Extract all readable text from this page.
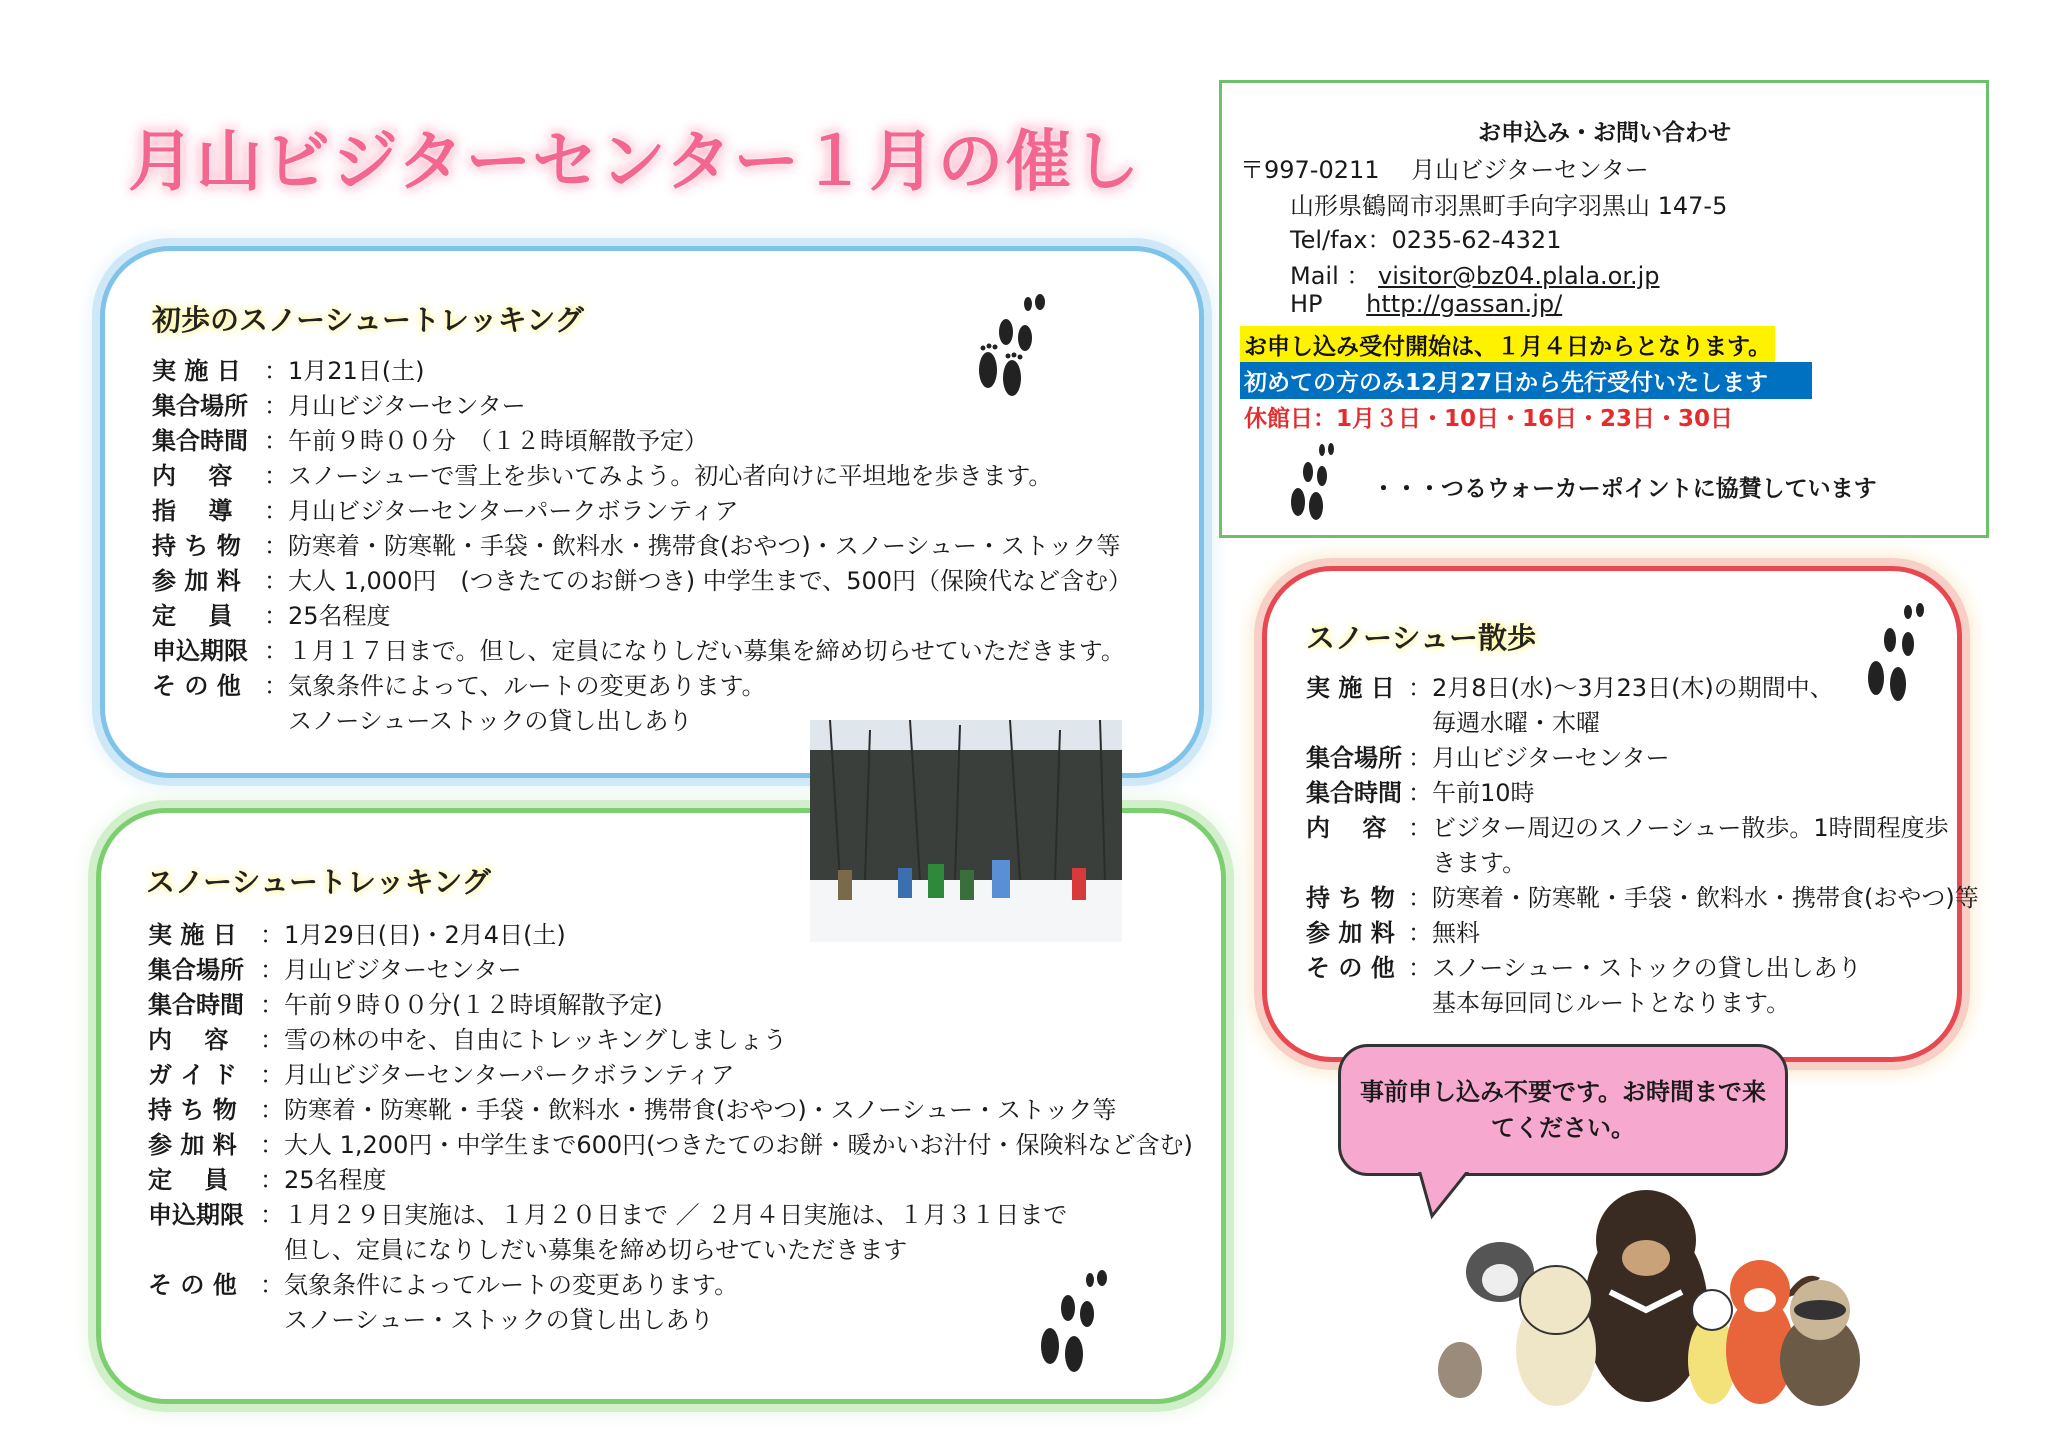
月山ビジターセンター１月の催し
初歩のスノーシュートレッキング
実 施 日 ：1月21日(土)
集合場所 ：月山ビジターセンター
集合時間 ：午前９時００分　（１２時頃解散予定）
内　 容	：スノーシューで雪上を歩いてみよう。初心者向けに平坦地を歩きます。
指　 導	：月山ビジターセンターパークボランティア
持 ち 物 ：防寒着・防寒靴・手袋・飲料水・携帯食(おやつ)・スノーシュー・ストック等
参 加 料 ：大人 1,000円　(つきたてのお餅つき) 中学生まで、500円（保険代など含む）
定　 員	：25名程度
申込期限 ：１月１７日まで。但し、定員になりしだい募集を締め切らせていただきます。
そ の 他 ：気象条件によって、ルートの変更あります。
　スノーシューストックの貸し出しあり
スノーシュートレッキング
実 施 日 ：1月29日(日)・2月4日(土)
集合場所 ：月山ビジターセンター
集合時間 ：午前９時００分(１２時頃解散予定)
内　 容	：雪の林の中を、自由にトレッキングしましょう
ガ イ ド ：月山ビジターセンターパークボランティア
持 ち 物 ：防寒着・防寒靴・手袋・飲料水・携帯食(おやつ)・スノーシュー・ストック等
参 加 料 ：大人 1,200円・中学生まで600円(つきたてのお餅・暖かいお汁付・保険料など含む)
定　 員	：25名程度
申込期限 ：１月２９日実施は、１月２０日まで ／ ２月４日実施は、１月３１日まで
　但し、定員になりしだい募集を締め切らせていただきます
そ の 他 ：気象条件によってルートの変更あります。
　スノーシュー・ストックの貸し出しあり
お申込み・お問い合わせ
〒997-0211　 月山ビジターセンター
山形県鶴岡市羽黒町手向字羽黒山 147-5
Tel/fax：0235-62-4321
Mail ： visitor@bz04.plala.or.jp
HP http://gassan.jp/
お申し込み受付開始は、１月４日からとなります。
初めての方のみ12月27日から先行受付いたします
休館日：1月３日・10日・16日・23日・30日
・・・つるウォーカーポイントに協賛しています
スノーシュー散歩
実 施 日 ：2月8日(水)～3月23日(木)の期間中、
　毎週水曜・木曜
集合場所 ：月山ビジターセンター
集合時間 ：午前10時
内　 容 ：ビジター周辺のスノーシュー散歩。1時間程度歩
　きます。
持 ち 物 ：防寒着・防寒靴・手袋・飲料水・携帯食(おやつ)等
参 加 料 ：無料
そ の 他 ：スノーシュー・ストックの貸し出しあり
　基本毎回同じルートとなります。
事前申し込み不要です。お時間まで来てください。
